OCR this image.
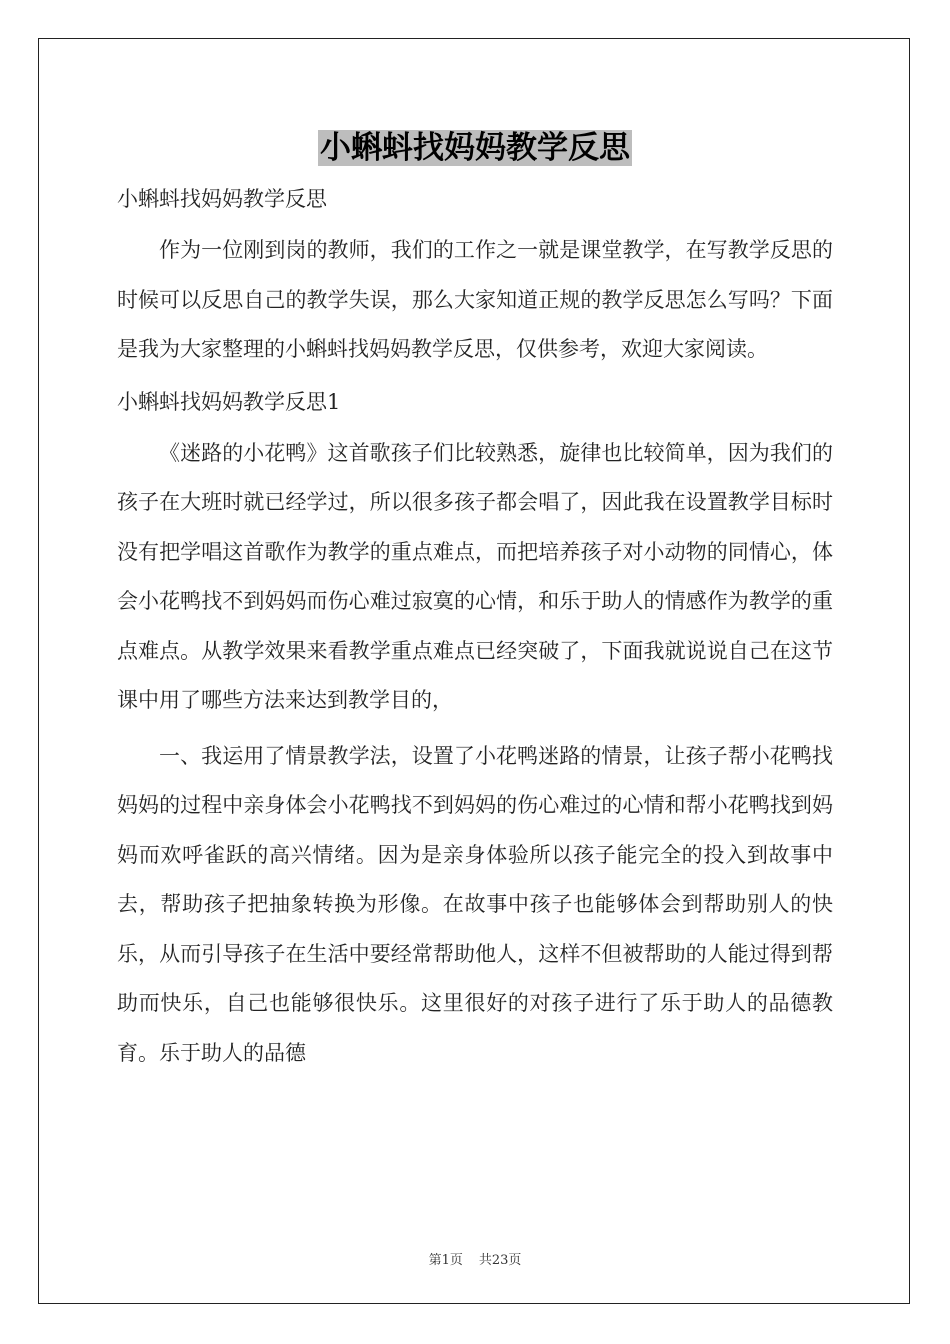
小蝌蚪找妈妈教学反思
小蝌蚪找妈妈教学反思

作为一位刚到岗的教师，我们的工作之一就是课堂教学，在写教学反思的时候可以反思自己的教学失误，那么大家知道正规的教学反思怎么写吗？下面是我为大家整理的小蝌蚪找妈妈教学反思，仅供参考，欢迎大家阅读。

小蝌蚪找妈妈教学反思1

《迷路的小花鸭》这首歌孩子们比较熟悉，旋律也比较简单，因为我们的孩子在大班时就已经学过，所以很多孩子都会唱了，因此我在设置教学目标时没有把学唱这首歌作为教学的重点难点，而把培养孩子对小动物的同情心，体会小花鸭找不到妈妈而伤心难过寂寞的心情，和乐于助人的情感作为教学的重点难点。从教学效果来看教学重点难点已经突破了，下面我就说说自己在这节课中用了哪些方法来达到教学目的，

一、我运用了情景教学法，设置了小花鸭迷路的情景，让孩子帮小花鸭找妈妈的过程中亲身体会小花鸭找不到妈妈的伤心难过的心情和帮小花鸭找到妈妈而欢呼雀跃的高兴情绪。因为是亲身体验所以孩子能完全的投入到故事中去，帮助孩子把抽象转换为形像。在故事中孩子也能够体会到帮助别人的快乐，从而引导孩子在生活中要经常帮助他人，这样不但被帮助的人能过得到帮助而快乐，自己也能够很快乐。这里很好的对孩子进行了乐于助人的品德教育。乐于助人的品德

第1页 共23页
